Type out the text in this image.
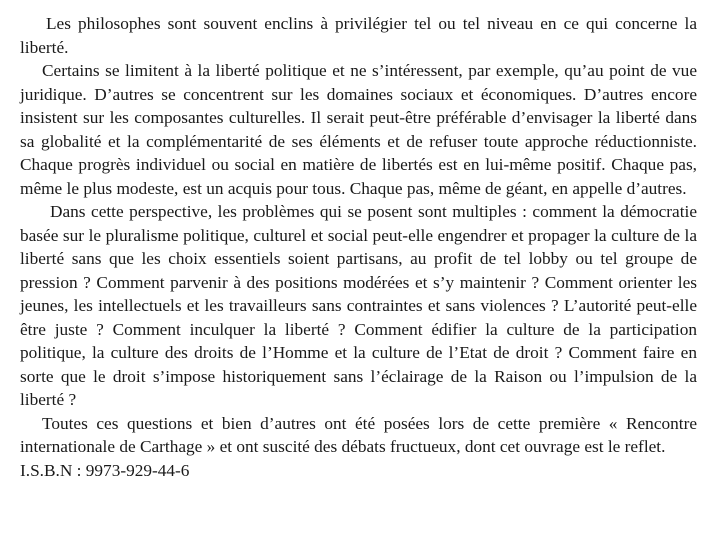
Les philosophes sont souvent enclins à privilégier tel ou tel niveau en ce qui concerne la liberté.

Certains se limitent à la liberté politique et ne s’intéressent, par exemple, qu’au point de vue juridique. D’autres se concentrent sur les domaines sociaux et économiques. D’autres encore insistent sur les composantes culturelles. Il serait peut-être préférable d’envisager la liberté dans sa globalité et la complémentarité de ses éléments et de refuser toute approche réductionniste. Chaque progrès individuel ou social en matière de libertés est en lui-même positif. Chaque pas, même le plus modeste, est un acquis pour tous. Chaque pas, même de géant, en appelle d’autres.

Dans cette perspective, les problèmes qui se posent sont multiples : comment la démocratie basée sur le pluralisme politique, culturel et social peut-elle engendrer et propager la culture de la liberté sans que les choix essentiels soient partisans, au profit de tel lobby ou tel groupe de pression ? Comment parvenir à des positions modérées et s’y maintenir ? Comment orienter les jeunes, les intellectuels et les travailleurs sans contraintes et sans violences ? L’autorité peut-elle être juste ? Comment inculquer la liberté ? Comment édifier la culture de la participation politique, la culture des droits de l’Homme et la culture de l’Etat de droit ? Comment faire en sorte que le droit s’impose historiquement sans l’éclairage de la Raison ou l’impulsion de la liberté ?

Toutes ces questions et bien d’autres ont été posées lors de cette première « Rencontre internationale de Carthage » et ont suscité des débats fructueux, dont cet ouvrage est le reflet.

I.S.B.N : 9973-929-44-6
